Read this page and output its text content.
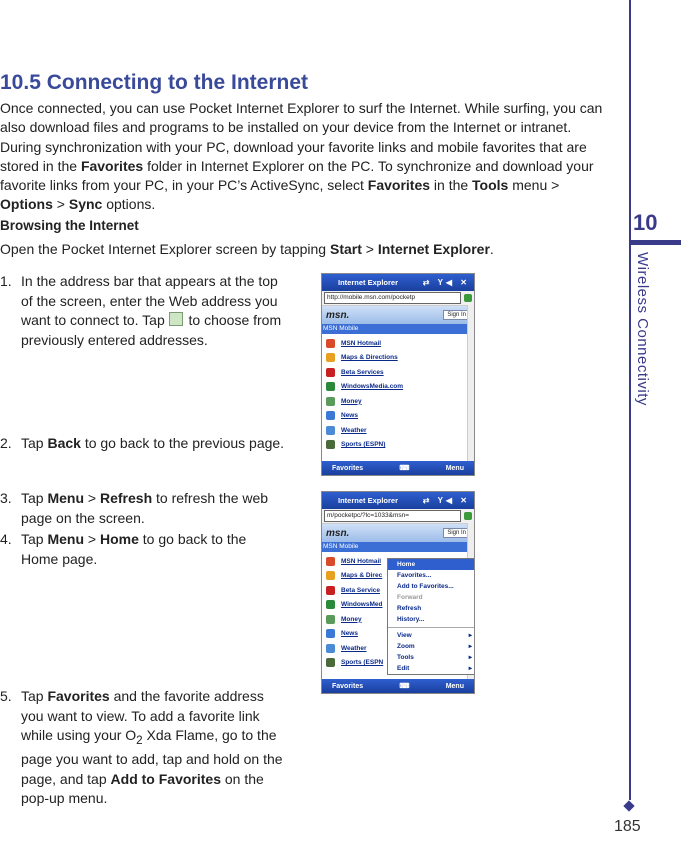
10
Wireless Connectivity
185
10.5 Connecting to the Internet

Once connected, you can use Pocket Internet Explorer to surf the Internet. While surfing, you can also download files and programs to be installed on your device from the Internet or intranet. During synchronization with your PC, download your favorite links and mobile favorites that are stored in the Favorites folder in Internet Explorer on the PC. To synchronize and download your favorite links from your PC, in your PC’s ActiveSync, select Favorites in the Tools menu > Options > Sync options.

Browsing the Internet

Open the Pocket Internet Explorer screen by tapping Start > Internet Explorer.

1. In the address bar that appears at the top of the screen, enter the Web address you want to connect to. Tap  to choose from previously entered addresses.
2. Tap Back to go back to the previous page.
3. Tap Menu > Refresh to refresh the web page on the screen.
4. Tap Menu > Home to go back to the Home page.
5. Tap Favorites and the favorite address you want to view. To add a favorite link while using your $O_2$ Xda Flame, go to the page you want to add, tap and hold on the page, and tap Add to Favorites on the pop-up menu.
Internet Explorer	⇄ Y◀ ✕
http://mobile.msn.com/pocketp
msn.	Sign In
MSN Mobile
MSN Hotmail
Maps & Directions
Beta Services
WindowsMedia.com
Money
News
Weather
Sports (ESPN)
Favorites	⌨	Menu
Internet Explorer	⇄ Y◀ ✕
m/pocketpc/?lc=1033&msn=
msn.	Sign In
MSN Mobile
MSN Hotmail
Maps & Direc
Beta Service
WindowsMed
Money
News
Weather
Sports (ESPN
Favorites	⌨	Menu
Home
Favorites...
Add to Favorites...
Forward
Refresh
History...
View	▸
Zoom	▸
Tools	▸
Edit	▸
